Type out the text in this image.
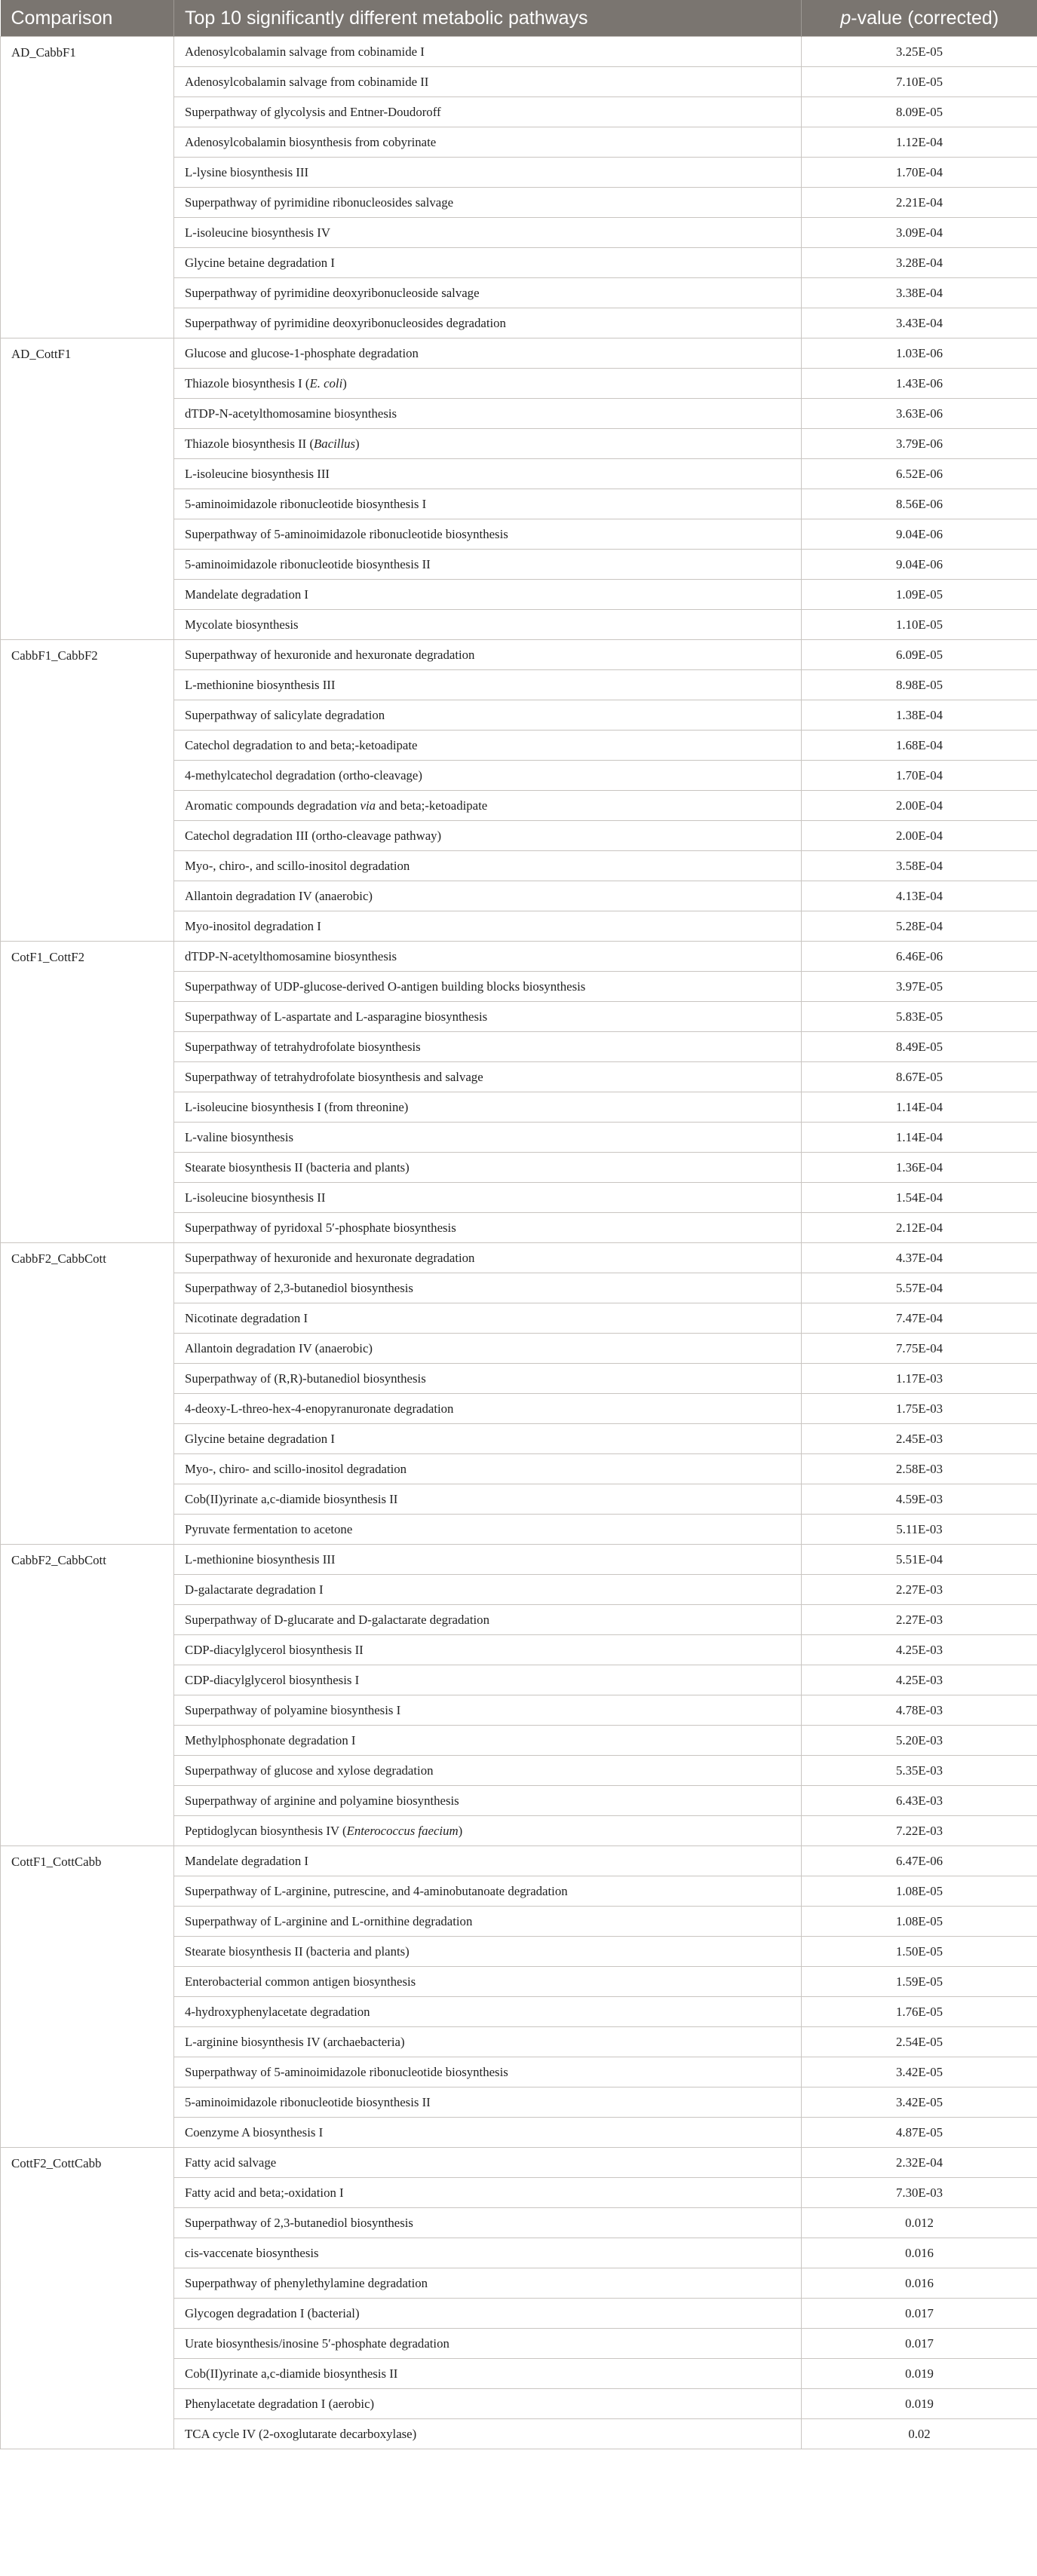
Comparison	Top 10 significantly different metabolic pathways	p-value (corrected)
AD_CabbF1	Adenosylcobalamin salvage from cobinamide I	3.25E-05
	Adenosylcobalamin salvage from cobinamide II	7.10E-05
	Superpathway of glycolysis and Entner-Doudoroff	8.09E-05
	Adenosylcobalamin biosynthesis from cobyrinate	1.12E-04
	L-lysine biosynthesis III	1.70E-04
	Superpathway of pyrimidine ribonucleosides salvage	2.21E-04
	L-isoleucine biosynthesis IV	3.09E-04
	Glycine betaine degradation I	3.28E-04
	Superpathway of pyrimidine deoxyribonucleoside salvage	3.38E-04
	Superpathway of pyrimidine deoxyribonucleosides degradation	3.43E-04
AD_CottF1	Glucose and glucose-1-phosphate degradation	1.03E-06
	Thiazole biosynthesis I (E. coli)	1.43E-06
	dTDP-N-acetylthomosamine biosynthesis	3.63E-06
	Thiazole biosynthesis II (Bacillus)	3.79E-06
	L-isoleucine biosynthesis III	6.52E-06
	5-aminoimidazole ribonucleotide biosynthesis I	8.56E-06
	Superpathway of 5-aminoimidazole ribonucleotide biosynthesis	9.04E-06
	5-aminoimidazole ribonucleotide biosynthesis II	9.04E-06
	Mandelate degradation I	1.09E-05
	Mycolate biosynthesis	1.10E-05
CabbF1_CabbF2	Superpathway of hexuronide and hexuronate degradation	6.09E-05
	L-methionine biosynthesis III	8.98E-05
	Superpathway of salicylate degradation	1.38E-04
	Catechol degradation to and beta;-ketoadipate	1.68E-04
	4-methylcatechol degradation (ortho-cleavage)	1.70E-04
	Aromatic compounds degradation via and beta;-ketoadipate	2.00E-04
	Catechol degradation III (ortho-cleavage pathway)	2.00E-04
	Myo-, chiro-, and scillo-inositol degradation	3.58E-04
	Allantoin degradation IV (anaerobic)	4.13E-04
	Myo-inositol degradation I	5.28E-04
CotF1_CottF2	dTDP-N-acetylthomosamine biosynthesis	6.46E-06
	Superpathway of UDP-glucose-derived O-antigen building blocks biosynthesis	3.97E-05
	Superpathway of L-aspartate and L-asparagine biosynthesis	5.83E-05
	Superpathway of tetrahydrofolate biosynthesis	8.49E-05
	Superpathway of tetrahydrofolate biosynthesis and salvage	8.67E-05
	L-isoleucine biosynthesis I (from threonine)	1.14E-04
	L-valine biosynthesis	1.14E-04
	Stearate biosynthesis II (bacteria and plants)	1.36E-04
	L-isoleucine biosynthesis II	1.54E-04
	Superpathway of pyridoxal 5′-phosphate biosynthesis	2.12E-04
CabbF2_CabbCott	Superpathway of hexuronide and hexuronate degradation	4.37E-04
	Superpathway of 2,3-butanediol biosynthesis	5.57E-04
	Nicotinate degradation I	7.47E-04
	Allantoin degradation IV (anaerobic)	7.75E-04
	Superpathway of (R,R)-butanediol biosynthesis	1.17E-03
	4-deoxy-L-threo-hex-4-enopyranuronate degradation	1.75E-03
	Glycine betaine degradation I	2.45E-03
	Myo-, chiro- and scillo-inositol degradation	2.58E-03
	Cob(II)yrinate a,c-diamide biosynthesis II	4.59E-03
	Pyruvate fermentation to acetone	5.11E-03
CabbF2_CabbCott	L-methionine biosynthesis III	5.51E-04
	D-galactarate degradation I	2.27E-03
	Superpathway of D-glucarate and D-galactarate degradation	2.27E-03
	CDP-diacylglycerol biosynthesis II	4.25E-03
	CDP-diacylglycerol biosynthesis I	4.25E-03
	Superpathway of polyamine biosynthesis I	4.78E-03
	Methylphosphonate degradation I	5.20E-03
	Superpathway of glucose and xylose degradation	5.35E-03
	Superpathway of arginine and polyamine biosynthesis	6.43E-03
	Peptidoglycan biosynthesis IV (Enterococcus faecium)	7.22E-03
CottF1_CottCabb	Mandelate degradation I	6.47E-06
	Superpathway of L-arginine, putrescine, and 4-aminobutanoate degradation	1.08E-05
	Superpathway of L-arginine and L-ornithine degradation	1.08E-05
	Stearate biosynthesis II (bacteria and plants)	1.50E-05
	Enterobacterial common antigen biosynthesis	1.59E-05
	4-hydroxyphenylacetate degradation	1.76E-05
	L-arginine biosynthesis IV (archaebacteria)	2.54E-05
	Superpathway of 5-aminoimidazole ribonucleotide biosynthesis	3.42E-05
	5-aminoimidazole ribonucleotide biosynthesis II	3.42E-05
	Coenzyme A biosynthesis I	4.87E-05
CottF2_CottCabb	Fatty acid salvage	2.32E-04
	Fatty acid and beta;-oxidation I	7.30E-03
	Superpathway of 2,3-butanediol biosynthesis	0.012
	cis-vaccenate biosynthesis	0.016
	Superpathway of phenylethylamine degradation	0.016
	Glycogen degradation I (bacterial)	0.017
	Urate biosynthesis/inosine 5′-phosphate degradation	0.017
	Cob(II)yrinate a,c-diamide biosynthesis II	0.019
	Phenylacetate degradation I (aerobic)	0.019
	TCA cycle IV (2-oxoglutarate decarboxylase)	0.02
